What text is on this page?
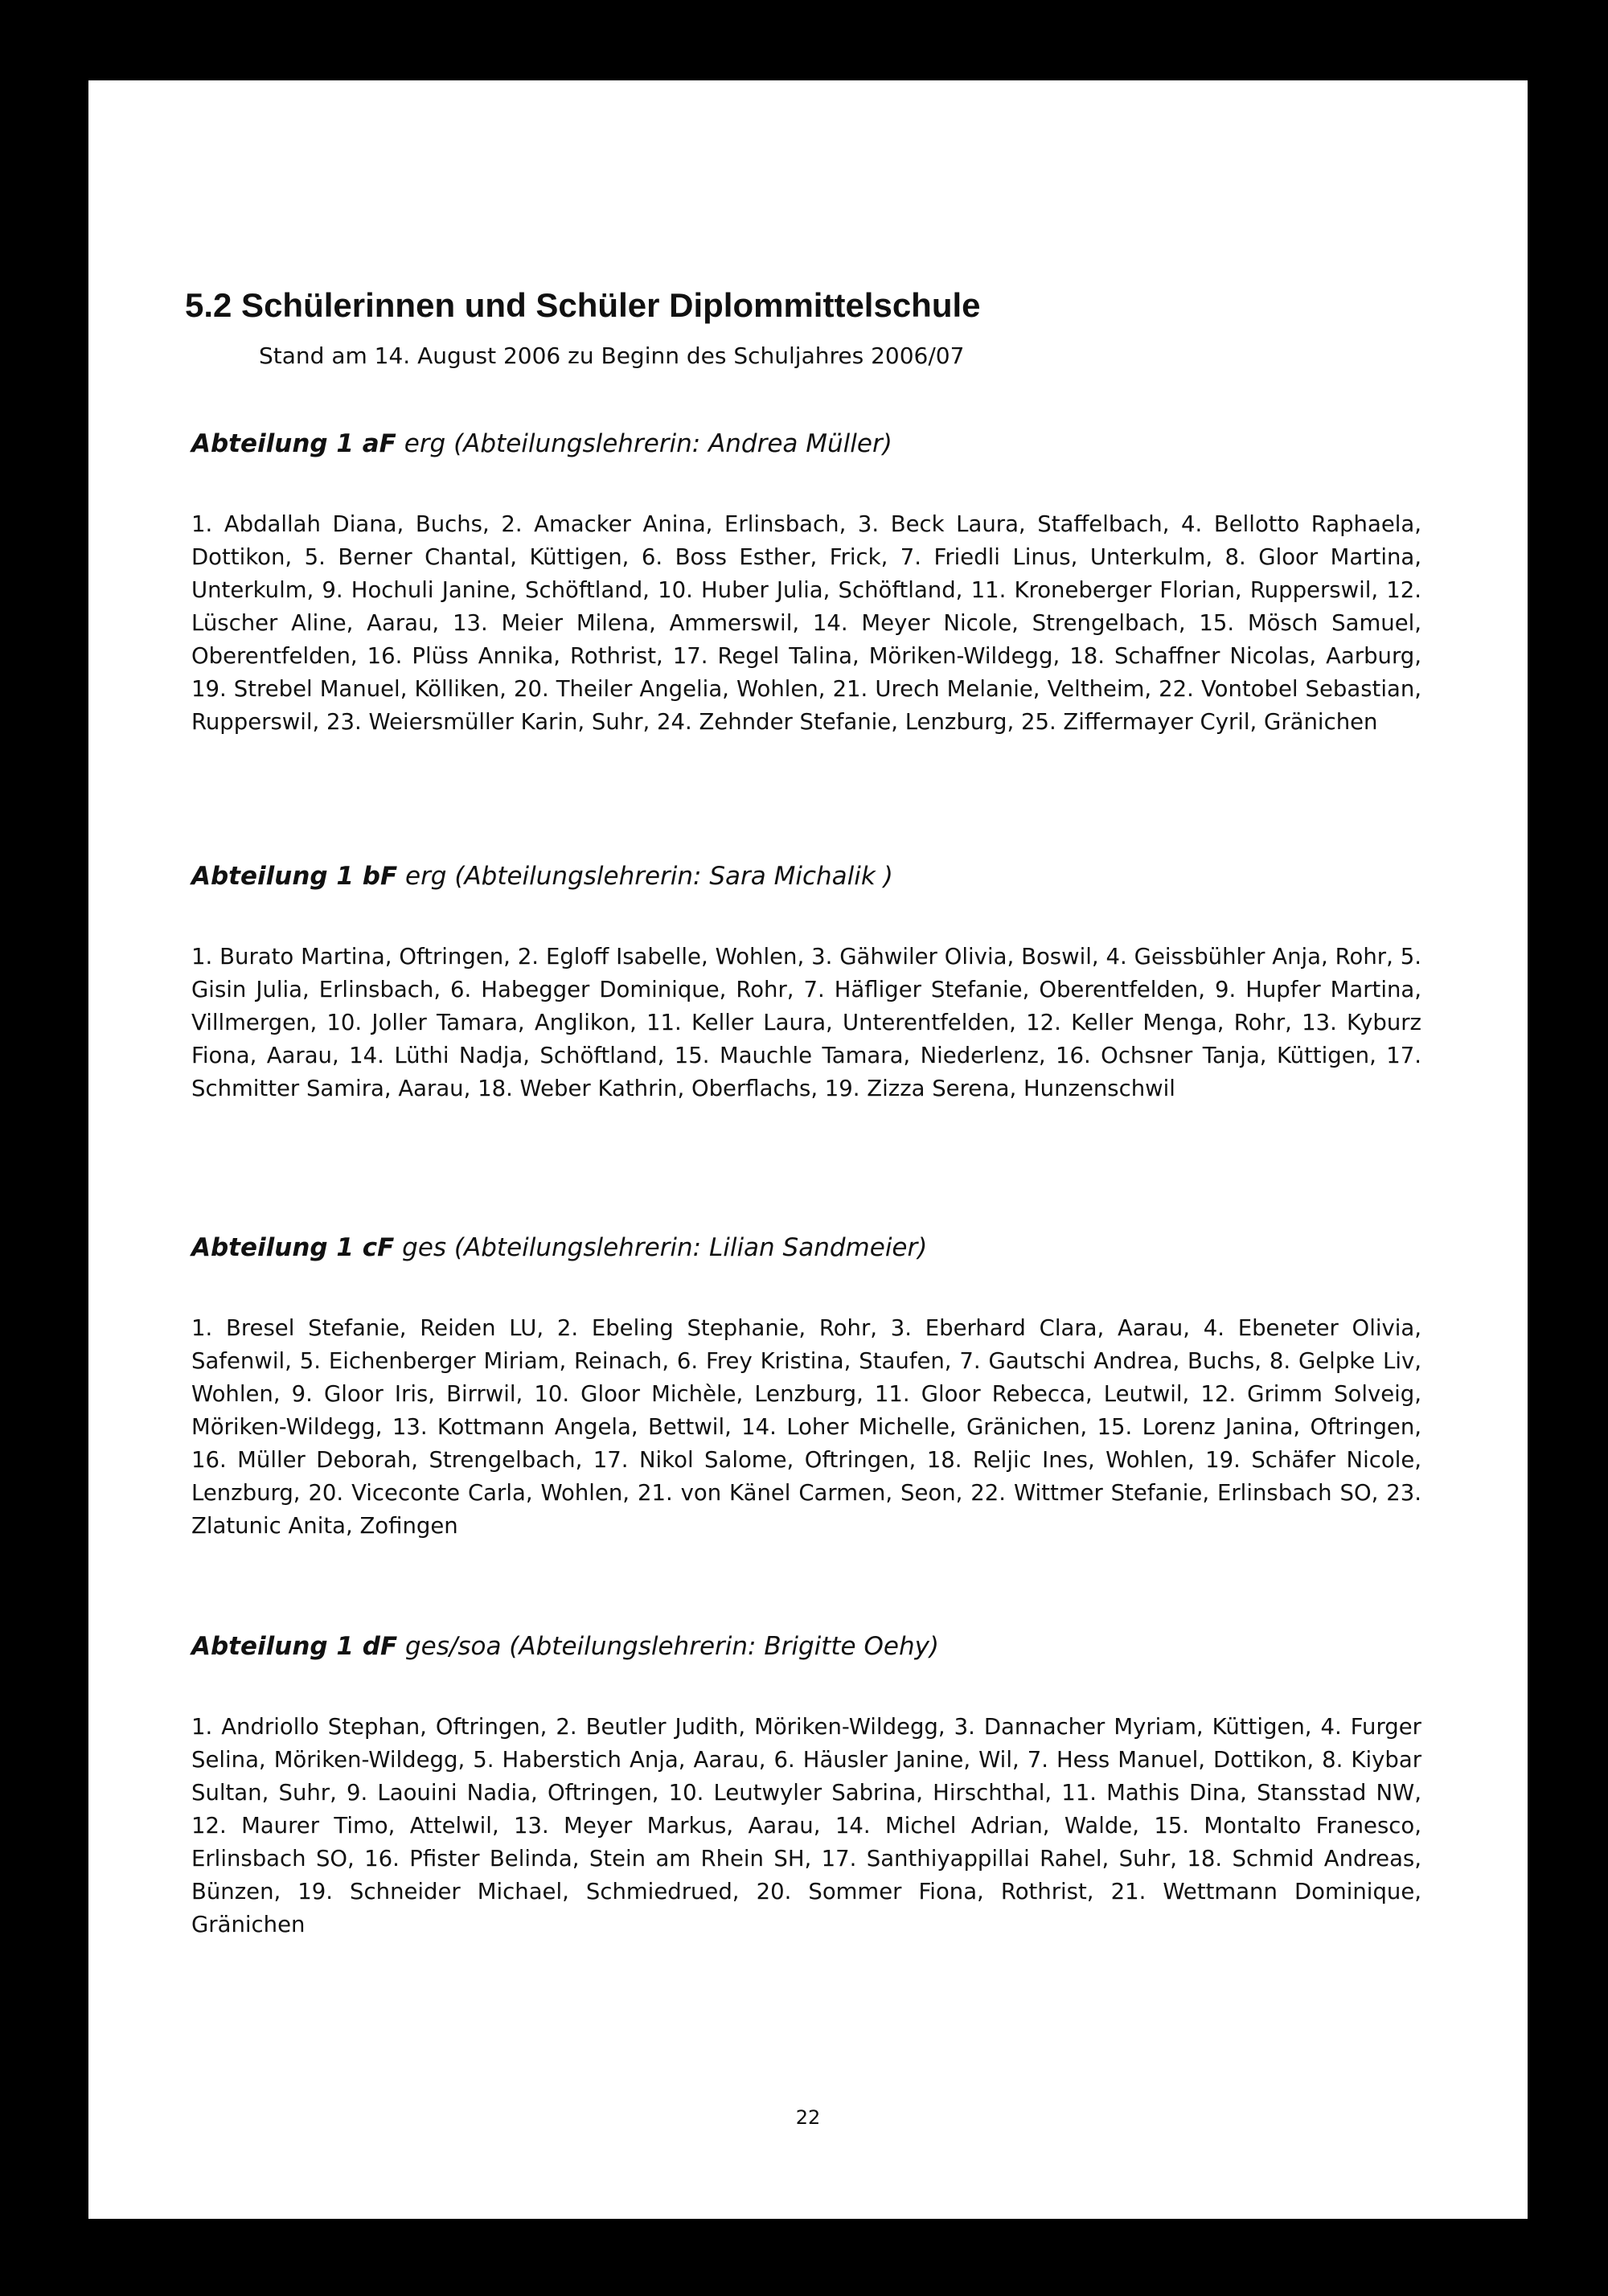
5.2 Schülerinnen und Schüler Diplommittelschule
Stand am 14. August 2006 zu Beginn des Schuljahres 2006/07
Abteilung 1 aF erg (Abteilungslehrerin: Andrea Müller)

1. Abdallah Diana, Buchs, 2. Amacker Anina, Erlinsbach, 3. Beck Laura, Staffelbach, 4. Bellotto Raphaela, Dottikon, 5. Berner Chantal, Küttigen, 6. Boss Esther, Frick, 7. Friedli Linus, Unterkulm, 8. Gloor Martina, Unterkulm, 9. Hochuli Janine, Schöftland, 10. Huber Julia, Schöftland, 11. Kroneberger Florian, Rupperswil, 12. Lüscher Aline, Aarau, 13. Meier Milena, Ammerswil, 14. Meyer Nicole, Strengelbach, 15. Mösch Samuel, Oberentfelden, 16. Plüss Annika, Rothrist, 17. Regel Talina, Möriken-Wildegg, 18. Schaffner Nicolas, Aarburg, 19. Strebel Manuel, Kölliken, 20. Theiler Angelia, Wohlen, 21. Urech Melanie, Veltheim, 22. Vontobel Sebastian, Rupperswil, 23. Weiersmüller Karin, Suhr, 24. Zehnder Stefanie, Lenzburg, 25. Ziffermayer Cyril, Gränichen

Abteilung 1 bF erg (Abteilungslehrerin: Sara Michalik )

1. Burato Martina, Oftringen, 2. Egloff Isabelle, Wohlen, 3. Gähwiler Olivia, Boswil, 4. Geissbühler Anja, Rohr, 5. Gisin Julia, Erlinsbach, 6. Habegger Dominique, Rohr, 7. Häfliger Stefanie, Oberentfelden, 9. Hupfer Martina, Villmergen, 10. Joller Tamara, Anglikon, 11. Keller Laura, Unterentfelden, 12. Keller Menga, Rohr, 13. Kyburz Fiona, Aarau, 14. Lüthi Nadja, Schöftland, 15. Mauchle Tamara, Niederlenz, 16. Ochsner Tanja, Küttigen, 17. Schmitter Samira, Aarau, 18. Weber Kathrin, Oberflachs, 19. Zizza Serena, Hunzenschwil

Abteilung 1 cF ges (Abteilungslehrerin: Lilian Sandmeier)

1. Bresel Stefanie, Reiden LU, 2. Ebeling Stephanie, Rohr, 3. Eberhard Clara, Aarau, 4. Ebeneter Olivia, Safenwil, 5. Eichenberger Miriam, Reinach, 6. Frey Kristina, Staufen, 7. Gautschi Andrea, Buchs, 8. Gelpke Liv, Wohlen, 9. Gloor Iris, Birrwil, 10. Gloor Michèle, Lenzburg, 11. Gloor Rebecca, Leutwil, 12. Grimm Solveig, Möriken-Wildegg, 13. Kottmann Angela, Bettwil, 14. Loher Michelle, Gränichen, 15. Lorenz Janina, Oftringen, 16. Müller Deborah, Strengelbach, 17. Nikol Salome, Oftringen, 18. Reljic Ines, Wohlen, 19. Schäfer Nicole, Lenzburg, 20. Viceconte Carla, Wohlen, 21. von Känel Carmen, Seon, 22. Wittmer Stefanie, Erlinsbach SO, 23. Zlatunic Anita, Zofingen

Abteilung 1 dF ges/soa (Abteilungslehrerin: Brigitte Oehy)

1. Andriollo Stephan, Oftringen, 2. Beutler Judith, Möriken-Wildegg, 3. Dannacher Myriam, Küttigen, 4. Furger Selina, Möriken-Wildegg, 5. Haberstich Anja, Aarau, 6. Häusler Janine, Wil, 7. Hess Manuel, Dottikon, 8. Kiybar Sultan, Suhr, 9. Laouini Nadia, Oftringen, 10. Leutwyler Sabrina, Hirschthal, 11. Mathis Dina, Stansstad NW, 12. Maurer Timo, Attelwil, 13. Meyer Markus, Aarau, 14. Michel Adrian, Walde, 15. Montalto Franesco, Erlinsbach SO, 16. Pfister Belinda, Stein am Rhein SH, 17. Santhiyappillai Rahel, Suhr, 18. Schmid Andreas, Bünzen, 19. Schneider Michael, Schmiedrued, 20. Sommer Fiona, Rothrist, 21. Wettmann Dominique, Gränichen

22
